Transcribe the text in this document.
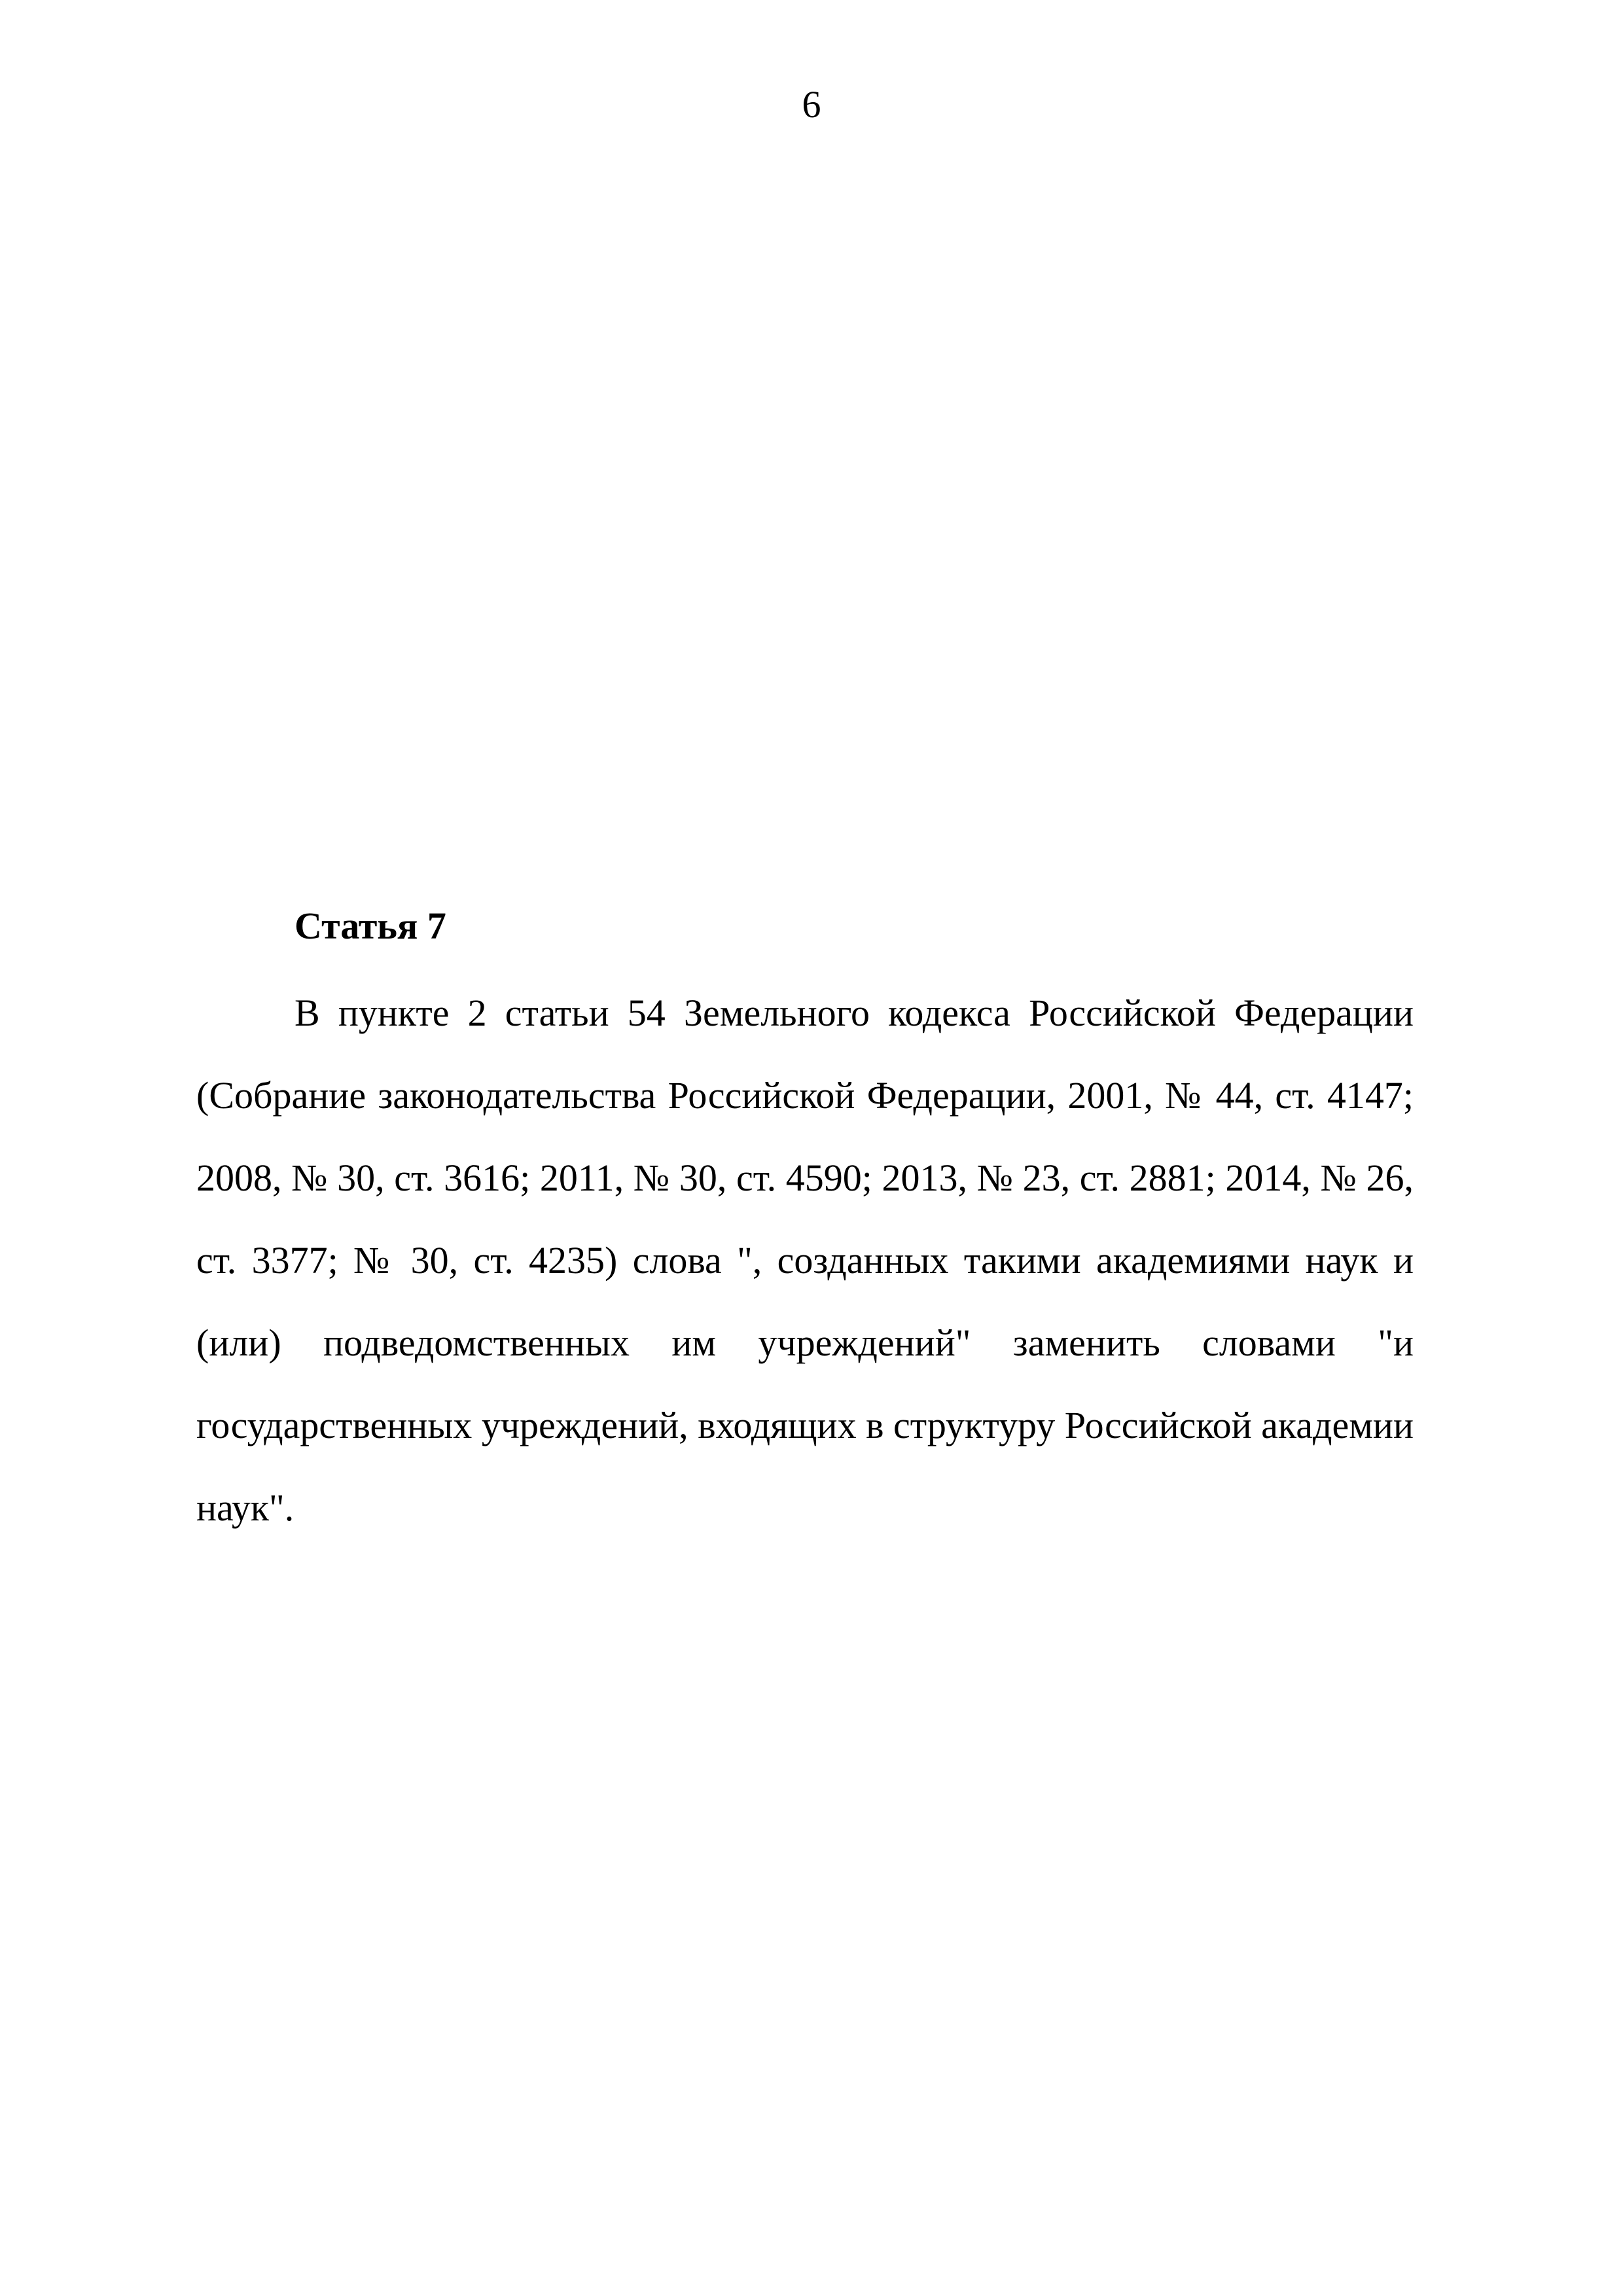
6
Статья 7

В пункте 2 статьи 54 Земельного кодекса Российской Федерации (Собрание законодательства Российской Федерации, 2001, № 44, ст. 4147; 2008, № 30, ст. 3616; 2011, № 30, ст. 4590; 2013, № 23, ст. 2881; 2014, № 26, ст. 3377; № 30, ст. 4235) слова ", созданных такими академиями наук и (или) подведомственных им учреждений" заменить словами "и государственных учреждений, входящих в структуру Российской академии наук".
